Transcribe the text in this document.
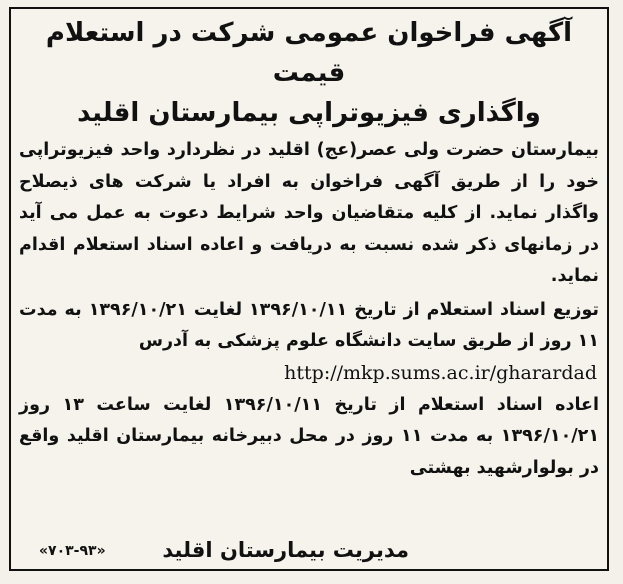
آگهی فراخوان عمومی شرکت در استعلام قیمت
واگذاری فیزیوتراپی بیمارستان اقلید

بیمارستان حضرت ولی عصر(عج) اقلید در نظردارد واحد فیزیوتراپی خود را از طریق آگهی فراخوان به افراد یا شرکت های ذیصلاح واگذار نماید. از کلیه متقاضیان واحد شرایط دعوت به عمل می آید در زمانهای ذکر شده نسبت به دریافت و اعاده اسناد استعلام اقدام نماید.

توزیع اسناد استعلام از تاریخ ۱۳۹۶/۱۰/۱۱ لغایت ۱۳۹۶/۱۰/۲۱ به مدت ۱۱ روز از طریق سایت دانشگاه علوم پزشکی به آدرس

http://mkp.sums.ac.ir/gharardad

اعاده اسناد استعلام از تاریخ ۱۳۹۶/۱۰/۱۱ لغایت ساعت ۱۳ روز ۱۳۹۶/۱۰/۲۱ به مدت ۱۱ روز در محل دبیرخانه بیمارستان اقلید واقع در بولوارشهید بهشتی

مدیریت بیمارستان اقلید
«۷۰۳-۹۳»
